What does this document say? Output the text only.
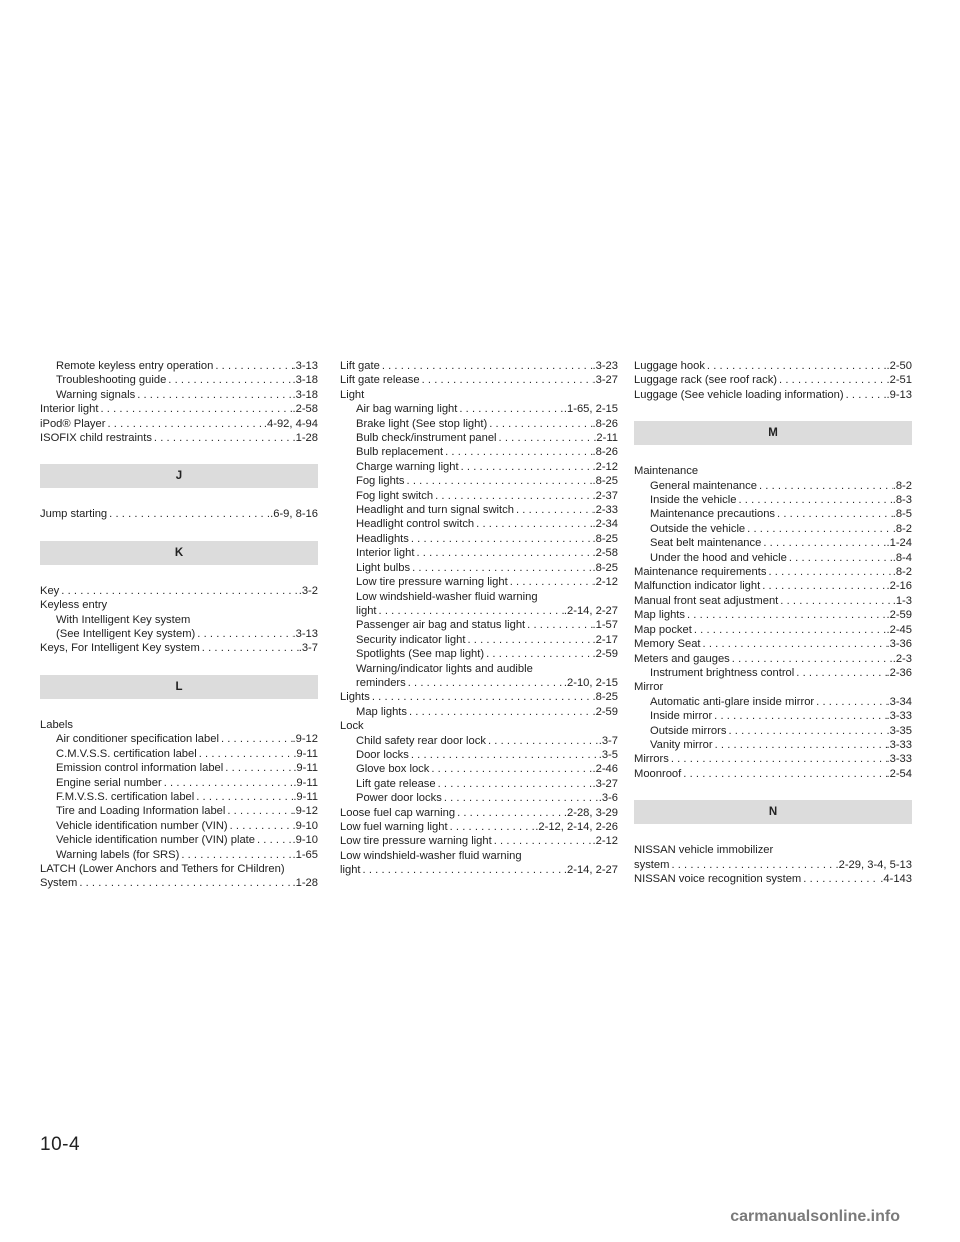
Remote keyless entry operation .....	.3-13
Troubleshooting guide .....	.3-18
Warning signals .....	.3-18
Interior light .....	.2-58
iPod® Player .....	.4-92, 4-94
ISOFIX child restraints .....	.1-28
J
Jump starting .....	.6-9, 8-16
K
Key .....	.3-2
Keyless entry
With Intelligent Key system
(See Intelligent Key system) .....	.3-13
Keys, For Intelligent Key system .....	.3-7
L
Labels
Air conditioner specification label .....	.9-12
C.M.V.S.S. certification label .....	.9-11
Emission control information label .....	.9-11
Engine serial number .....	.9-11
F.M.V.S.S. certification label .....	.9-11
Tire and Loading Information label .....	.9-12
Vehicle identification number (VIN) .....	.9-10
Vehicle identification number (VIN) plate .....	.9-10
Warning labels (for SRS) .....	.1-65
LATCH (Lower Anchors and Tethers for CHildren)
System .....	.1-28
Lift gate .....	.3-23
Lift gate release .....	.3-27
Light
Air bag warning light .....	.1-65, 2-15
Brake light (See stop light) .....	.8-26
Bulb check/instrument panel .....	.2-11
Bulb replacement .....	.8-26
Charge warning light .....	.2-12
Fog lights .....	.8-25
Fog light switch .....	.2-37
Headlight and turn signal switch .....	.2-33
Headlight control switch .....	.2-34
Headlights .....	.8-25
Interior light .....	.2-58
Light bulbs .....	.8-25
Low tire pressure warning light .....	.2-12
Low windshield-washer fluid warning
light .....	.2-14, 2-27
Passenger air bag and status light .....	.1-57
Security indicator light .....	.2-17
Spotlights (See map light) .....	.2-59
Warning/indicator lights and audible
reminders .....	.2-10, 2-15
Lights .....	.8-25
Map lights .....	.2-59
Lock
Child safety rear door lock .....	.3-7
Door locks .....	.3-5
Glove box lock .....	.2-46
Lift gate release .....	.3-27
Power door locks .....	.3-6
Loose fuel cap warning .....	.2-28, 3-29
Low fuel warning light .....	.2-12, 2-14, 2-26
Low tire pressure warning light .....	.2-12
Low windshield-washer fluid warning
light .....	.2-14, 2-27
Luggage hook .....	.2-50
Luggage rack (see roof rack) .....	.2-51
Luggage (See vehicle loading information) .....	.9-13
M
Maintenance
General maintenance .....	.8-2
Inside the vehicle .....	.8-3
Maintenance precautions .....	.8-5
Outside the vehicle .....	.8-2
Seat belt maintenance .....	.1-24
Under the hood and vehicle .....	.8-4
Maintenance requirements .....	.8-2
Malfunction indicator light .....	.2-16
Manual front seat adjustment .....	.1-3
Map lights .....	.2-59
Map pocket .....	.2-45
Memory Seat .....	.3-36
Meters and gauges .....	.2-3
Instrument brightness control .....	.2-36
Mirror
Automatic anti-glare inside mirror .....	.3-34
Inside mirror .....	.3-33
Outside mirrors .....	.3-35
Vanity mirror .....	.3-33
Mirrors .....	.3-33
Moonroof .....	.2-54
N
NISSAN vehicle immobilizer
system .....	.2-29, 3-4, 5-13
NISSAN voice recognition system .....	.4-143
10-4
carmanualsonline.info
